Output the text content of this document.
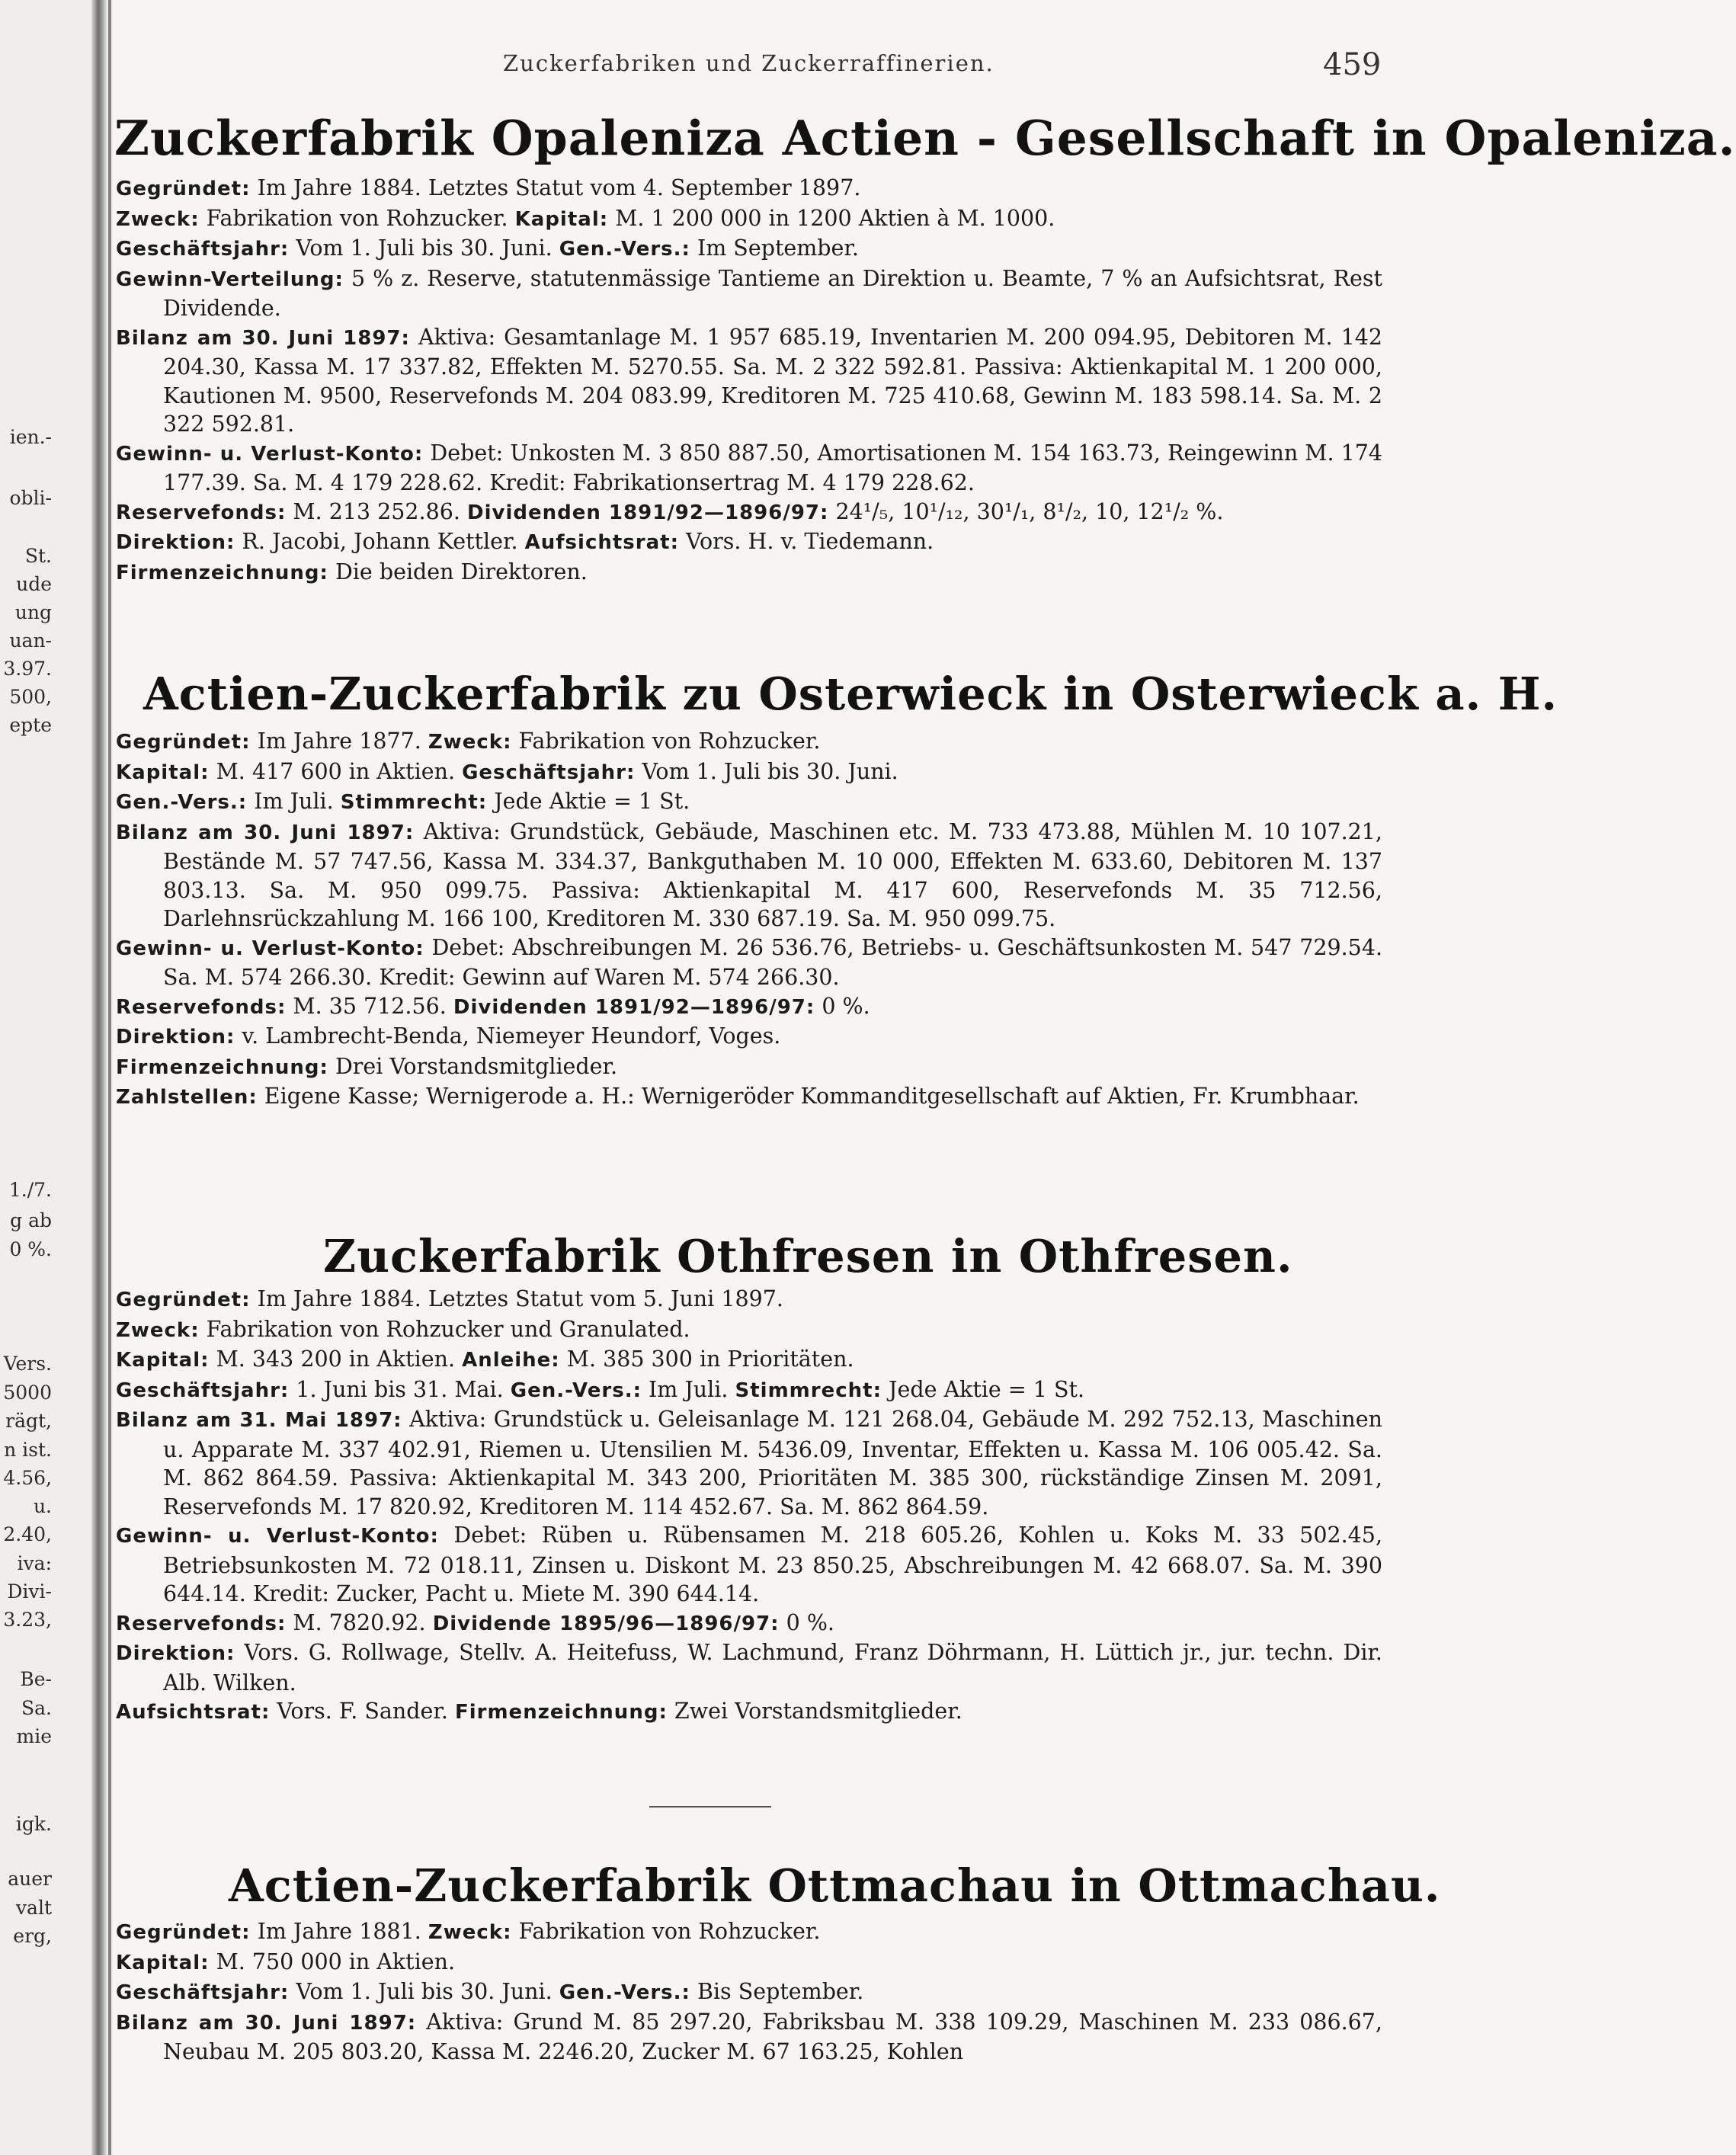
ien.-
obli-
St.
ude
ung
uan-
3.97.
500,
epte
1./7.
g ab
0 %.
Vers.
5000
rägt,
n ist.
4.56,
u.
2.40,
iva:
Divi-
3.23,
Be-
Sa.
mie
igk.
auer
valt
erg,
Zuckerfabriken und Zuckerraffinerien.	459
Zuckerfabrik Opaleniza Actien - Gesellschaft in Opaleniza.

Gegründet: Im Jahre 1884. Letztes Statut vom 4. September 1897.

Zweck: Fabrikation von Rohzucker. Kapital: M. 1 200 000 in 1200 Aktien à M. 1000.

Geschäftsjahr: Vom 1. Juli bis 30. Juni. Gen.-Vers.: Im September.

Gewinn-Verteilung: 5 % z. Reserve, statutenmässige Tantieme an Direktion u. Beamte, 7 % an Aufsichtsrat, Rest Dividende.

Bilanz am 30. Juni 1897: Aktiva: Gesamtanlage M. 1 957 685.19, Inventarien M. 200 094.95, Debitoren M. 142 204.30, Kassa M. 17 337.82, Effekten M. 5270.55. Sa. M. 2 322 592.81. Passiva: Aktienkapital M. 1 200 000, Kautionen M. 9500, Reservefonds M. 204 083.99, Kreditoren M. 725 410.68, Gewinn M. 183 598.14. Sa. M. 2 322 592.81.

Gewinn- u. Verlust-Konto: Debet: Unkosten M. 3 850 887.50, Amortisationen M. 154 163.73, Reingewinn M. 174 177.39. Sa. M. 4 179 228.62. Kredit: Fabrikationsertrag M. 4 179 228.62.

Reservefonds: M. 213 252.86. Dividenden 1891/92—1896/97: 24¹/₅, 10¹/₁₂, 30¹/₁, 8¹/₂, 10, 12¹/₂ %.

Direktion: R. Jacobi, Johann Kettler. Aufsichtsrat: Vors. H. v. Tiedemann.

Firmenzeichnung: Die beiden Direktoren.

Actien-Zuckerfabrik zu Osterwieck in Osterwieck a. H.

Gegründet: Im Jahre 1877. Zweck: Fabrikation von Rohzucker.

Kapital: M. 417 600 in Aktien. Geschäftsjahr: Vom 1. Juli bis 30. Juni.

Gen.-Vers.: Im Juli. Stimmrecht: Jede Aktie = 1 St.

Bilanz am 30. Juni 1897: Aktiva: Grundstück, Gebäude, Maschinen etc. M. 733 473.88, Mühlen M. 10 107.21, Bestände M. 57 747.56, Kassa M. 334.37, Bankguthaben M. 10 000, Effekten M. 633.60, Debitoren M. 137 803.13. Sa. M. 950 099.75. Passiva: Aktienkapital M. 417 600, Reservefonds M. 35 712.56, Darlehnsrückzahlung M. 166 100, Kreditoren M. 330 687.19. Sa. M. 950 099.75.

Gewinn- u. Verlust-Konto: Debet: Abschreibungen M. 26 536.76, Betriebs- u. Geschäftsunkosten M. 547 729.54. Sa. M. 574 266.30. Kredit: Gewinn auf Waren M. 574 266.30.

Reservefonds: M. 35 712.56. Dividenden 1891/92—1896/97: 0 %.

Direktion: v. Lambrecht-Benda, Niemeyer Heundorf, Voges.

Firmenzeichnung: Drei Vorstandsmitglieder.

Zahlstellen: Eigene Kasse; Wernigerode a. H.: Wernigeröder Kommanditgesellschaft auf Aktien, Fr. Krumbhaar.

Zuckerfabrik Othfresen in Othfresen.

Gegründet: Im Jahre 1884. Letztes Statut vom 5. Juni 1897.

Zweck: Fabrikation von Rohzucker und Granulated.

Kapital: M. 343 200 in Aktien. Anleihe: M. 385 300 in Prioritäten.

Geschäftsjahr: 1. Juni bis 31. Mai. Gen.-Vers.: Im Juli. Stimmrecht: Jede Aktie = 1 St.

Bilanz am 31. Mai 1897: Aktiva: Grundstück u. Geleisanlage M. 121 268.04, Gebäude M. 292 752.13, Maschinen u. Apparate M. 337 402.91, Riemen u. Utensilien M. 5436.09, Inventar, Effekten u. Kassa M. 106 005.42. Sa. M. 862 864.59. Passiva: Aktienkapital M. 343 200, Prioritäten M. 385 300, rückständige Zinsen M. 2091, Reservefonds M. 17 820.92, Kreditoren M. 114 452.67. Sa. M. 862 864.59.

Gewinn- u. Verlust-Konto: Debet: Rüben u. Rübensamen M. 218 605.26, Kohlen u. Koks M. 33 502.45, Betriebsunkosten M. 72 018.11, Zinsen u. Diskont M. 23 850.25, Abschreibungen M. 42 668.07. Sa. M. 390 644.14. Kredit: Zucker, Pacht u. Miete M. 390 644.14.

Reservefonds: M. 7820.92. Dividende 1895/96—1896/97: 0 %.

Direktion: Vors. G. Rollwage, Stellv. A. Heitefuss, W. Lachmund, Franz Döhrmann, H. Lüttich jr., jur. techn. Dir. Alb. Wilken.

Aufsichtsrat: Vors. F. Sander. Firmenzeichnung: Zwei Vorstandsmitglieder.

Actien-Zuckerfabrik Ottmachau in Ottmachau.

Gegründet: Im Jahre 1881. Zweck: Fabrikation von Rohzucker.

Kapital: M. 750 000 in Aktien.

Geschäftsjahr: Vom 1. Juli bis 30. Juni. Gen.-Vers.: Bis September.

Bilanz am 30. Juni 1897: Aktiva: Grund M. 85 297.20, Fabriksbau M. 338 109.29, Maschinen M. 233 086.67, Neubau M. 205 803.20, Kassa M. 2246.20, Zucker M. 67 163.25, Kohlen
